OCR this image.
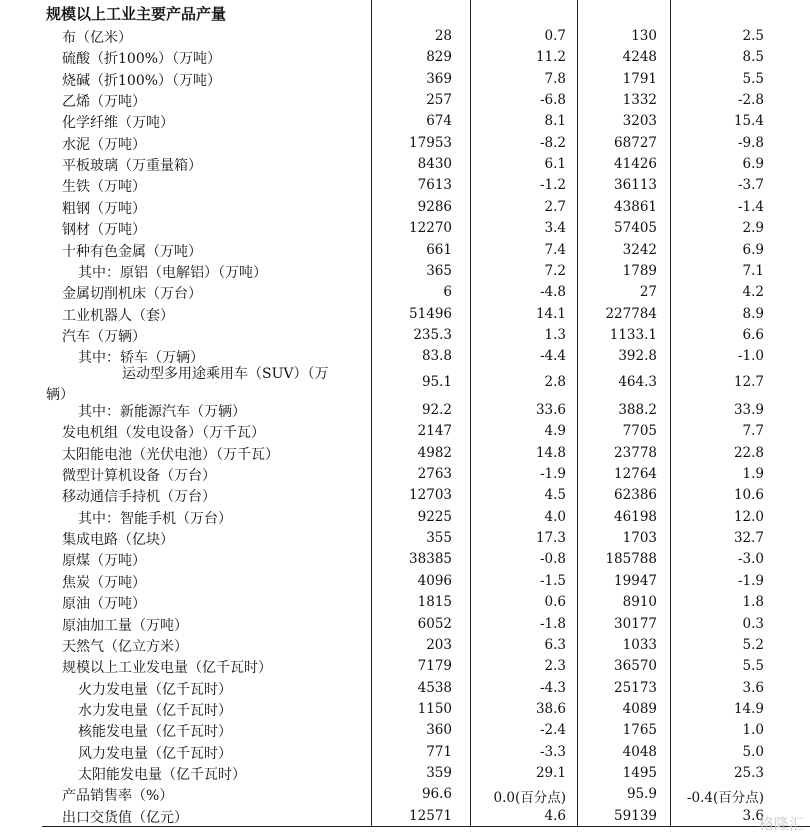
规模以上工业主要产品产量
布（亿米）	28	0.7	130	2.5
硫酸（折100%）（万吨）	829	11.2	4248	8.5
烧碱（折100%）（万吨）	369	7.8	1791	5.5
乙烯（万吨）	257	-6.8	1332	-2.8
化学纤维（万吨）	674	8.1	3203	15.4
水泥（万吨）	17953	-8.2	68727	-9.8
平板玻璃（万重量箱）	8430	6.1	41426	6.9
生铁（万吨）	7613	-1.2	36113	-3.7
粗钢（万吨）	9286	2.7	43861	-1.4
钢材（万吨）	12270	3.4	57405	2.9
十种有色金属（万吨）	661	7.4	3242	6.9
其中：原铝（电解铝）（万吨）	365	7.2	1789	7.1
金属切削机床（万台）	6	-4.8	27	4.2
工业机器人（套）	51496	14.1	227784	8.9
汽车（万辆）	235.3	1.3	1133.1	6.6
其中：轿车（万辆）	83.8	-4.4	392.8	-1.0
运动型多用途乘用车（SUV）（万
辆）
95.1	2.8	464.3	12.7
其中：新能源汽车（万辆）	92.2	33.6	388.2	33.9
发电机组（发电设备）（万千瓦）	2147	4.9	7705	7.7
太阳能电池（光伏电池）（万千瓦）	4982	14.8	23778	22.8
微型计算机设备（万台）	2763	-1.9	12764	1.9
移动通信手持机（万台）	12703	4.5	62386	10.6
其中：智能手机（万台）	9225	4.0	46198	12.0
集成电路（亿块）	355	17.3	1703	32.7
原煤（万吨）	38385	-0.8	185788	-3.0
焦炭（万吨）	4096	-1.5	19947	-1.9
原油（万吨）	1815	0.6	8910	1.8
原油加工量（万吨）	6052	-1.8	30177	0.3
天然气（亿立方米）	203	6.3	1033	5.2
规模以上工业发电量（亿千瓦时）	7179	2.3	36570	5.5
火力发电量（亿千瓦时）	4538	-4.3	25173	3.6
水力发电量（亿千瓦时）	1150	38.6	4089	14.9
核能发电量（亿千瓦时）	360	-2.4	1765	1.0
风力发电量（亿千瓦时）	771	-3.3	4048	5.0
太阳能发电量（亿千瓦时）	359	29.1	1495	25.3
产品销售率（%）	96.6	0.0(百分点)	95.9 -0.4(百分点)
出口交货值（亿元）	12571	4.6	59139	3.6
格隆汇
